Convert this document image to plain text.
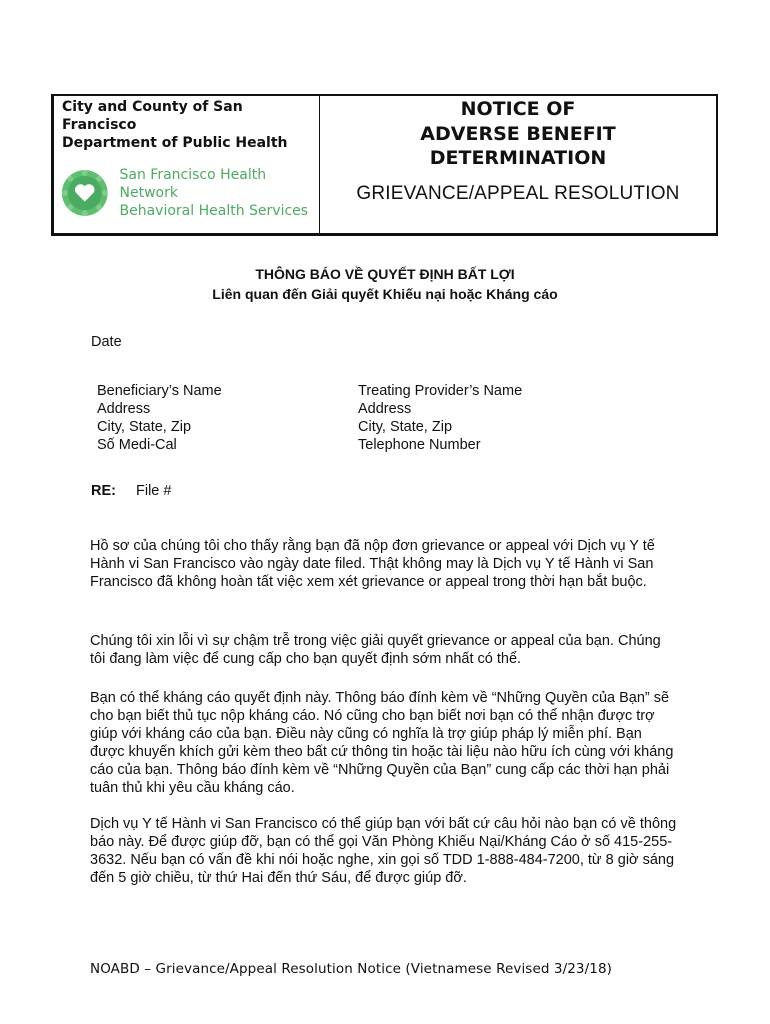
City and County of San
Francisco
Department of Public Health

San Francisco Health Network
Behavioral Health Services

NOTICE OF
ADVERSE BENEFIT
DETERMINATION

GRIEVANCE/APPEAL RESOLUTION
THÔNG BÁO VỀ QUYẾT ĐỊNH BẤT LỢI
Liên quan đến Giải quyết Khiếu nại hoặc Kháng cáo
Date
Beneficiary’s Name
Address
City, State, Zip
Số Medi-Cal
Treating Provider’s Name
Address
City, State, Zip
Telephone Number
RE: File #

Hồ sơ của chúng tôi cho thấy rằng bạn đã nộp đơn grievance or appeal với Dịch vụ Y tế Hành vi San Francisco vào ngày date filed. Thật không may là Dịch vụ Y tế Hành vi San Francisco đã không hoàn tất việc xem xét grievance or appeal trong thời hạn bắt buộc.

Chúng tôi xin lỗi vì sự chậm trễ trong việc giải quyết grievance or appeal của bạn. Chúng tôi đang làm việc để cung cấp cho bạn quyết định sớm nhất có thể.

Bạn có thể kháng cáo quyết định này. Thông báo đính kèm về “Những Quyền của Bạn” sẽ cho bạn biết thủ tục nộp kháng cáo. Nó cũng cho bạn biết nơi bạn có thể nhận được trợ giúp với kháng cáo của bạn. Điều này cũng có nghĩa là trợ giúp pháp lý miễn phí. Bạn được khuyến khích gửi kèm theo bất cứ thông tin hoặc tài liệu nào hữu ích cùng với kháng cáo của bạn. Thông báo đính kèm về “Những Quyền của Bạn” cung cấp các thời hạn phải tuân thủ khi yêu cầu kháng cáo.

Dịch vụ Y tế Hành vi San Francisco có thể giúp bạn với bất cứ câu hỏi nào bạn có về thông báo này. Để được giúp đỡ, bạn có thể gọi Văn Phòng Khiếu Nại/Kháng Cáo ở số 415-255-3632. Nếu bạn có vấn đề khi nói hoặc nghe, xin gọi số TDD 1-888-484-7200, từ 8 giờ sáng đến 5 giờ chiều, từ thứ Hai đến thứ Sáu, để được giúp đỡ.

NOABD – Grievance/Appeal Resolution Notice (Vietnamese Revised 3/23/18)
